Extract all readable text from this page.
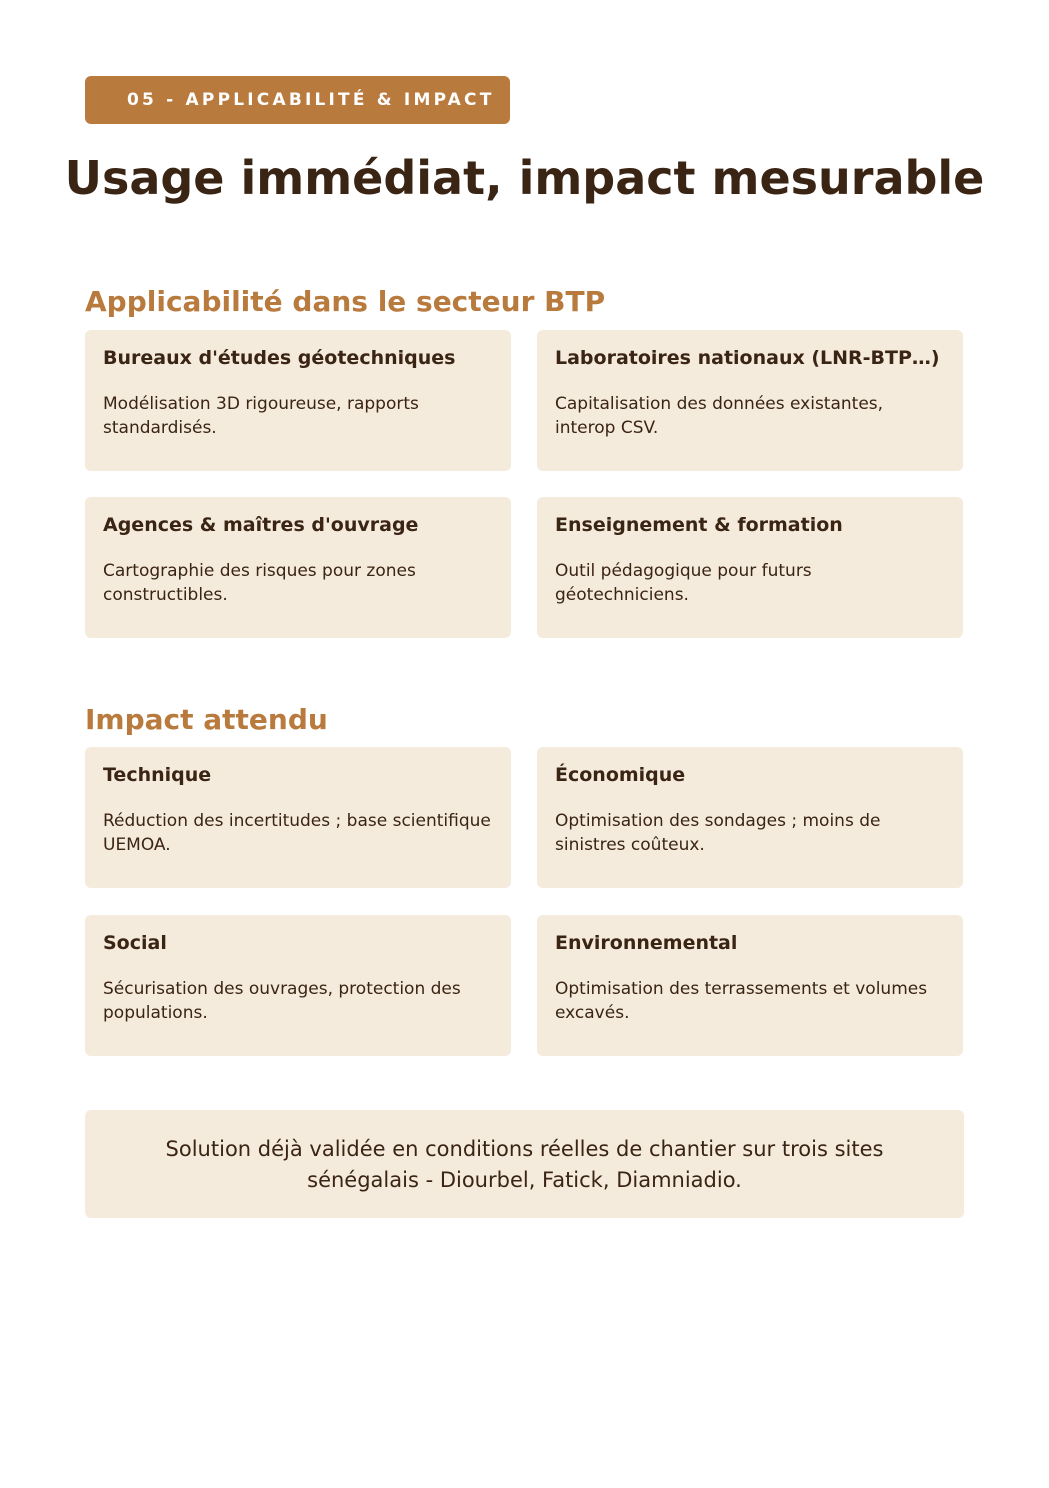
05 - APPLICABILITÉ & IMPACT
Usage immédiat, impact mesurable
Applicabilité dans le secteur BTP
Bureaux d'études géotechniques
Modélisation 3D rigoureuse, rapports standardisés.
Laboratoires nationaux (LNR-BTP…)
Capitalisation des données existantes, interop CSV.
Agences & maîtres d'ouvrage
Cartographie des risques pour zones constructibles.
Enseignement & formation
Outil pédagogique pour futurs géotechniciens.
Impact attendu
Technique
Réduction des incertitudes ; base scientifique UEMOA.
Économique
Optimisation des sondages ; moins de sinistres coûteux.
Social
Sécurisation des ouvrages, protection des populations.
Environnemental
Optimisation des terrassements et volumes excavés.
Solution déjà validée en conditions réelles de chantier sur trois sites sénégalais - Diourbel, Fatick, Diamniadio.
